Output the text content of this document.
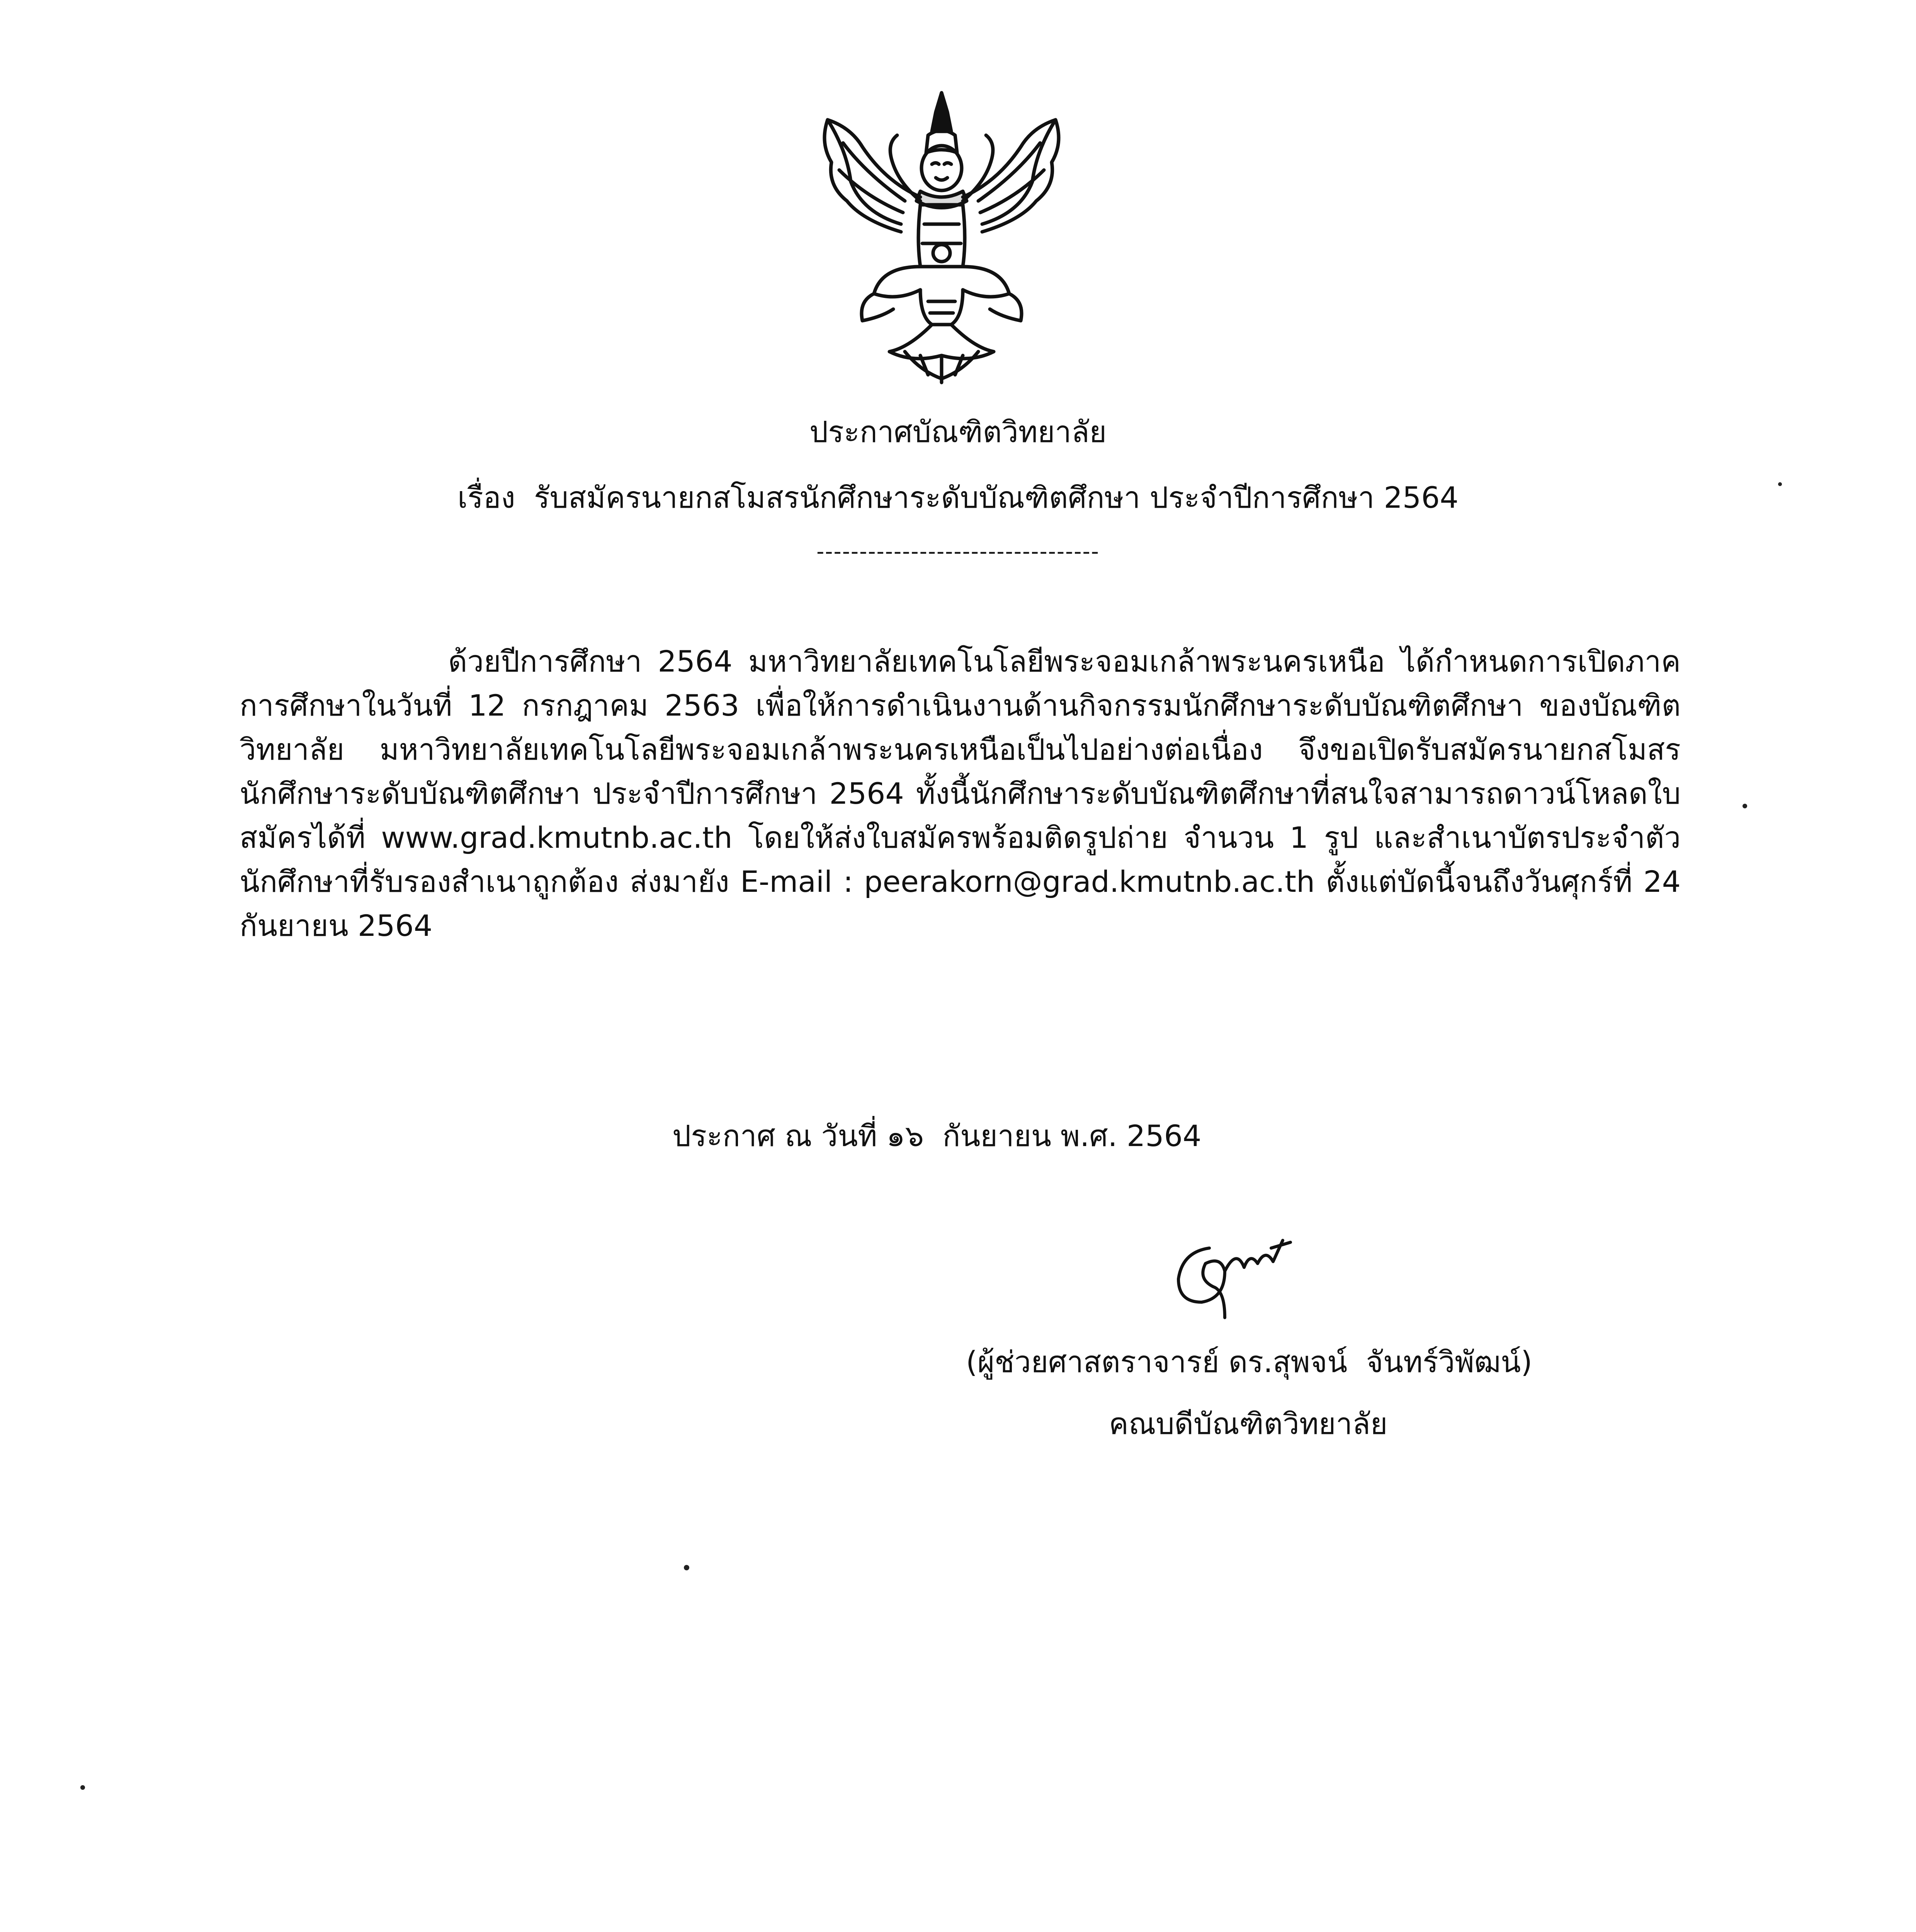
ประกาศบัณฑิตวิทยาลัย
เรื่อง  รับสมัครนายกสโมสรนักศึกษาระดับบัณฑิตศึกษา ประจำปีการศึกษา 2564
---------------------------------

ด้วยปีการศึกษา 2564 มหาวิทยาลัยเทคโนโลยีพระจอมเกล้าพระนครเหนือ ได้กำหนดการเปิดภาคการศึกษาในวันที่ 12 กรกฎาคม 2563 เพื่อให้การดำเนินงานด้านกิจกรรมนักศึกษาระดับบัณฑิตศึกษา ของบัณฑิตวิทยาลัย มหาวิทยาลัยเทคโนโลยีพระจอมเกล้าพระนครเหนือเป็นไปอย่างต่อเนื่อง จึงขอเปิดรับสมัครนายกสโมสรนักศึกษาระดับบัณฑิตศึกษา ประจำปีการศึกษา 2564 ทั้งนี้นักศึกษาระดับบัณฑิตศึกษาที่สนใจสามารถดาวน์โหลดใบสมัครได้ที่ www.grad.kmutnb.ac.th โดยให้ส่งใบสมัครพร้อมติดรูปถ่าย จำนวน 1 รูป และสำเนาบัตรประจำตัวนักศึกษาที่รับรองสำเนาถูกต้อง ส่งมายัง E-mail : peerakorn@grad.kmutnb.ac.th ตั้งแต่บัดนี้จนถึงวันศุกร์ที่ 24 กันยายน 2564

ประกาศ ณ วันที่ ๑๖  กันยายน พ.ศ. 2564
(ผู้ช่วยศาสตราจารย์ ดร.สุพจน์  จันทร์วิพัฒน์)
คณบดีบัณฑิตวิทยาลัย
